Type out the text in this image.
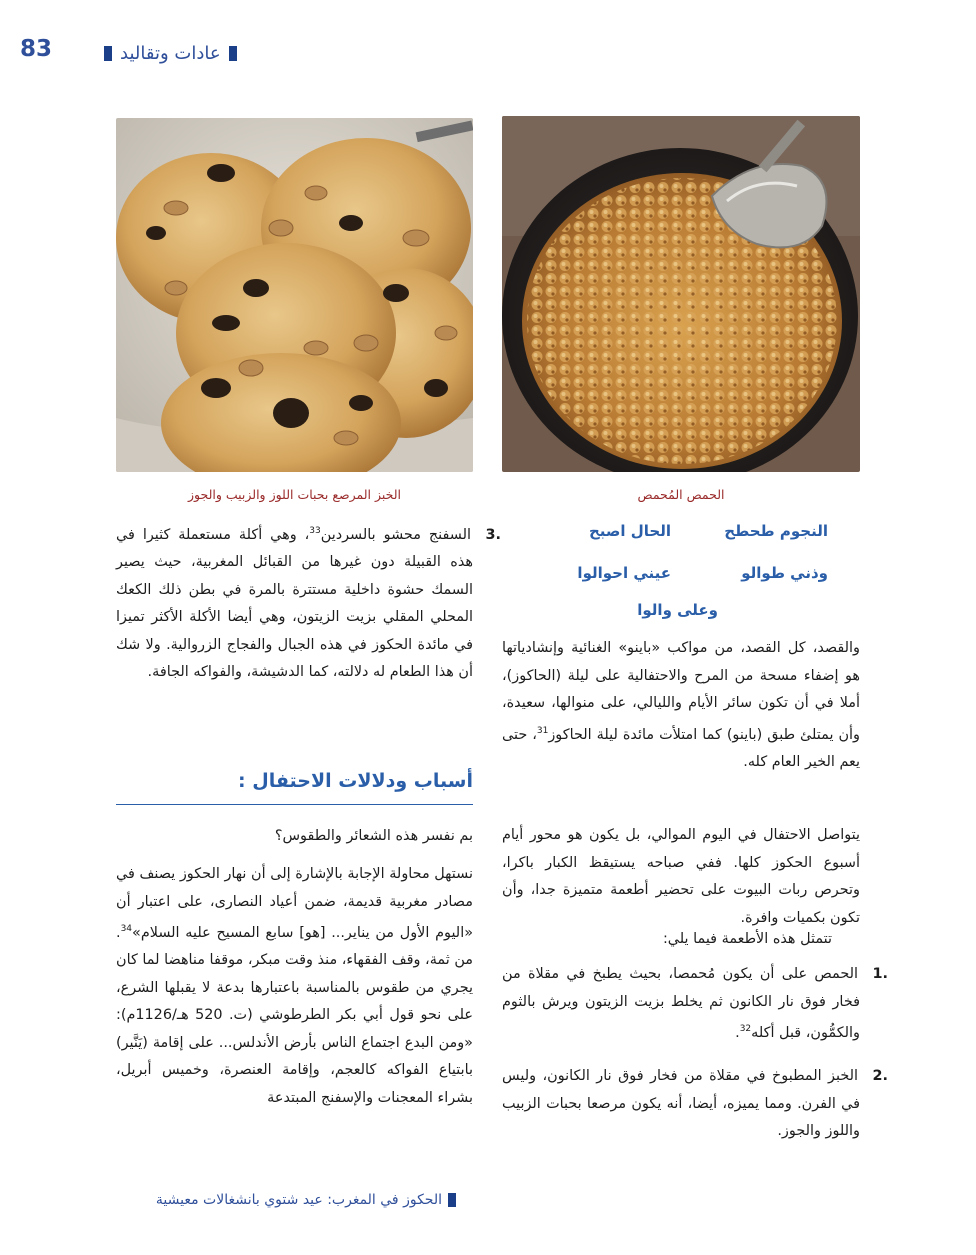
83	عادات وتقاليد
الخبز المرصع بحبات اللوز والزبيب والجوز	الحمص المُحمص
النجوم طحطح
الحال اصبح
وذني طوالو
عيني احوالوا
وعلى والوا
والقصد، كل القصد، من مواكب «باينو» الغنائية وإنشادياتها هو إضفاء مسحة من المرح والاحتفالية على ليلة (الحاكوز)، أملا في أن تكون سائر الأيام والليالي، على منوالها، سعيدة، وأن يمتلئ طبق (باينو) كما امتلأت مائدة ليلة الحاكوز$^{31}$، حتى يعم الخير العام كله.
يتواصل الاحتفال في اليوم الموالي، بل يكون هو محور أيام أسبوع الحكوز كلها. ففي صباحه يستيقظ الكبار باكرا، وتحرص ربات البيوت على تحضير أطعمة متميزة جدا، وأن تكون بكميات وافرة.
تتمثل هذه الأطعمة فيما يلي:
1.الحمص على أن يكون مُحمصا، بحيث يطبخ في مقلاة من فخار فوق نار الكانون ثم يخلط بزيت الزيتون ويرش بالثوم والكمُّون، قبل أكله$^{32}$.
2.الخبز المطبوخ في مقلاة من فخار فوق نار الكانون، وليس في الفرن. ومما يميزه، أيضا، أنه يكون مرصعا بحبات الزبيب واللوز والجوز.
3.السفنج محشو بالسردين$^{33}$، وهي أكلة مستعملة كثيرا في هذه القبيلة دون غيرها من القبائل المغربية، حيث يصير السمك حشوة داخلية مستترة بالمرة في بطن ذلك الكعك المحلي المقلي بزيت الزيتون، وهي أيضا الأكلة الأكثر تميزا في مائدة الحكوز في هذه الجبال والفجاج الزروالية. ولا شك أن هذا الطعام له دلالته، كما الدشيشة، والفواكه الجافة.
أسباب ودلالات الاحتفال :
بم نفسر هذه الشعائر والطقوس؟
نستهل محاولة الإجابة بالإشارة إلى أن نهار الحكوز يصنف في مصادر مغربية قديمة، ضمن أعياد النصارى، على اعتبار أن «اليوم الأول من يناير... [هو] سابع المسيح عليه السلام»$^{34}$. من ثمة، وقف الفقهاء، منذ وقت مبكر، موقفا مناهضا لما كان يجري من طقوس بالمناسبة باعتبارها بدعة لا يقبلها الشرع، على نحو قول أبي بكر الطرطوشي (ت. 520 هـ/1126م): «ومن البدع اجتماع الناس بأرض الأندلس... على إقامة (يَنَّير) بابتياع الفواكه كالعجم، وإقامة العنصرة، وخميس أبريل، بشراء المعجنات والإسفنج المبتدعة
الحكوز في المغرب: عيد شتوي بانشغالات معيشية
